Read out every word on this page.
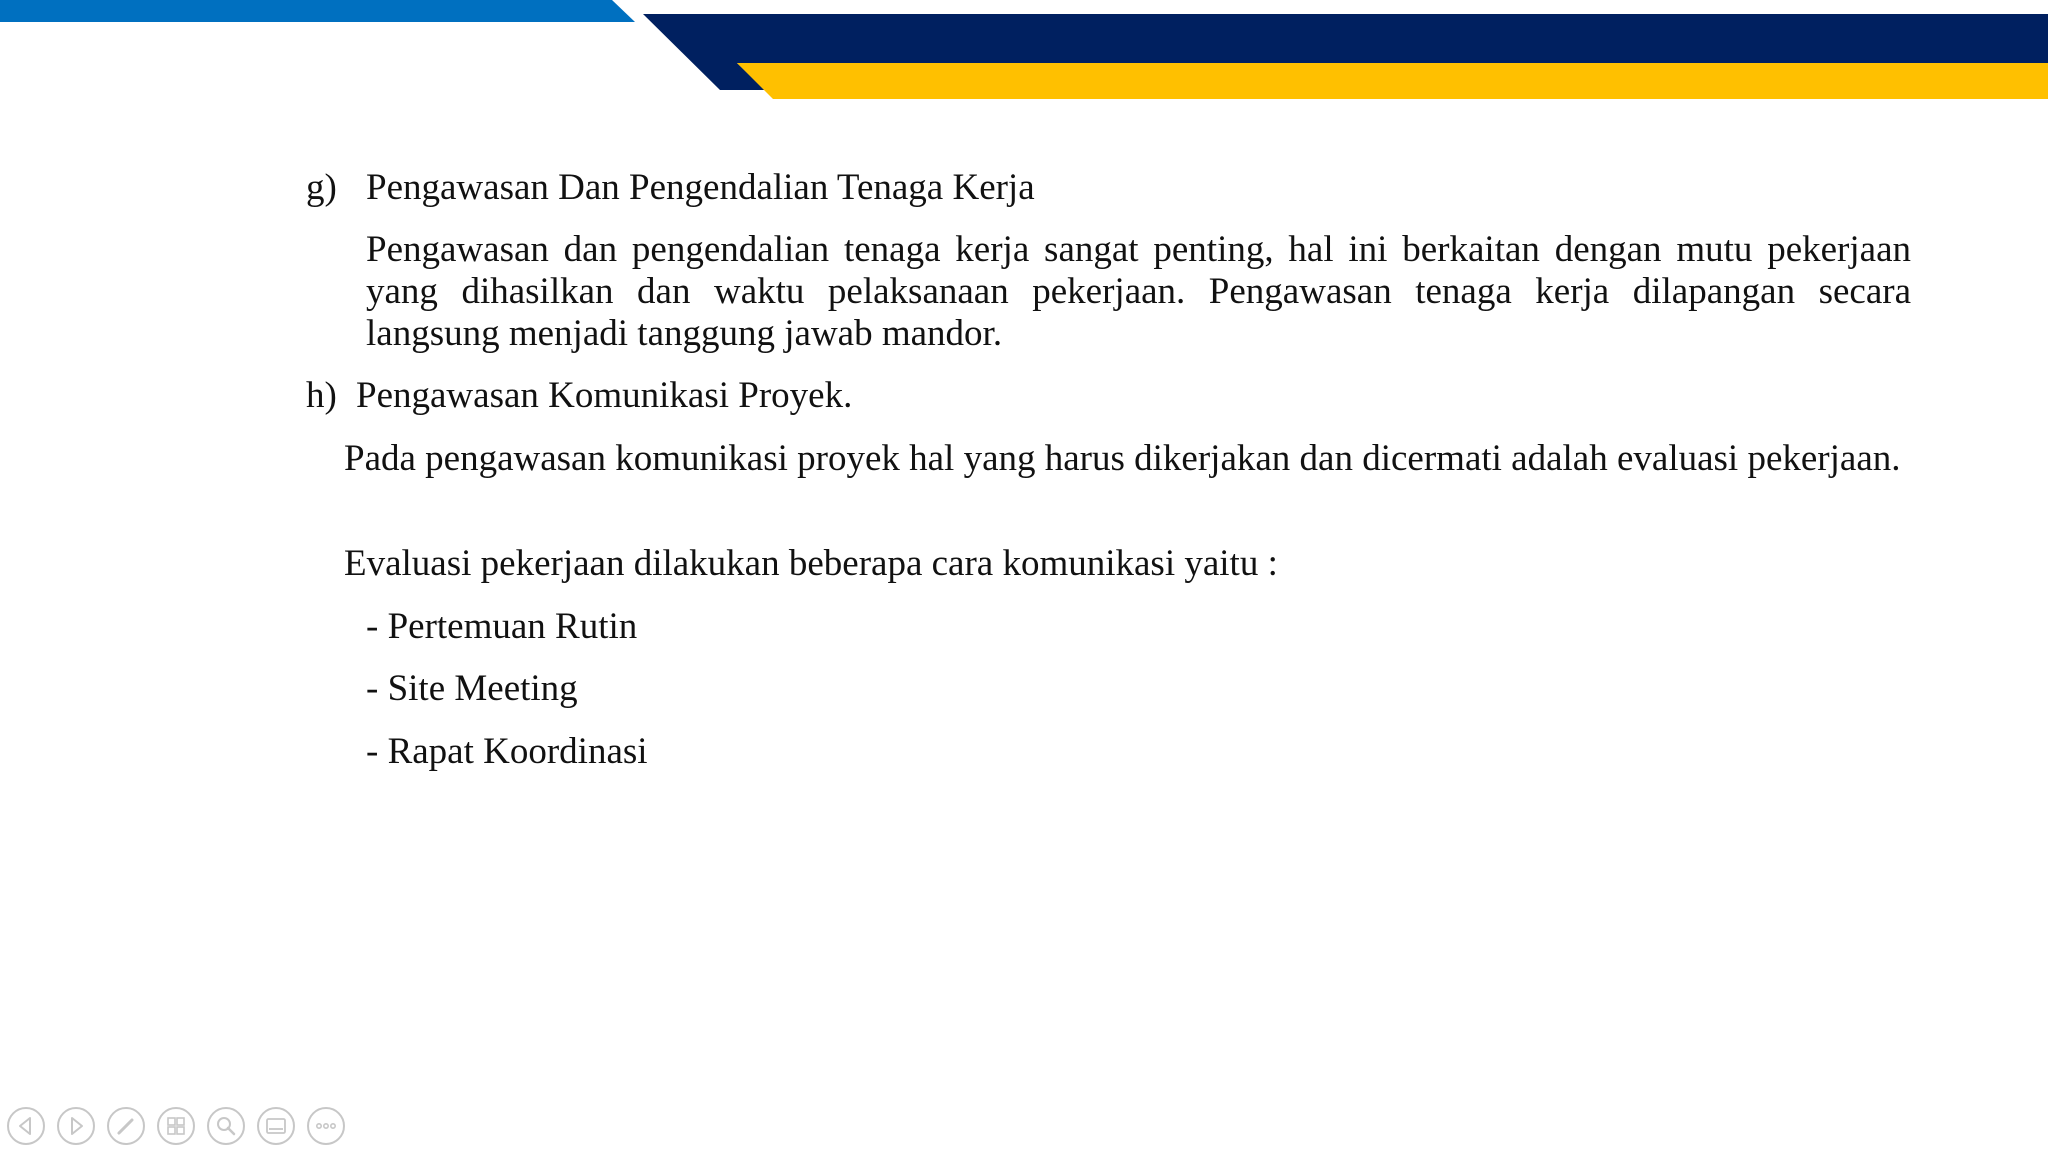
g) Pengawasan Dan Pengendalian Tenaga Kerja

Pengawasan dan pengendalian tenaga kerja sangat penting, hal ini berkaitan dengan mutu pekerjaan yang dihasilkan dan waktu pelaksanaan pekerjaan. Pengawasan tenaga kerja dilapangan secara langsung menjadi tanggung jawab mandor.

h) Pengawasan Komunikasi Proyek.

Pada pengawasan komunikasi proyek hal yang harus dikerjakan dan dicermati adalah evaluasi pekerjaan.

Evaluasi pekerjaan dilakukan beberapa cara komunikasi yaitu :

- Pertemuan Rutin

- Site Meeting

- Rapat Koordinasi
